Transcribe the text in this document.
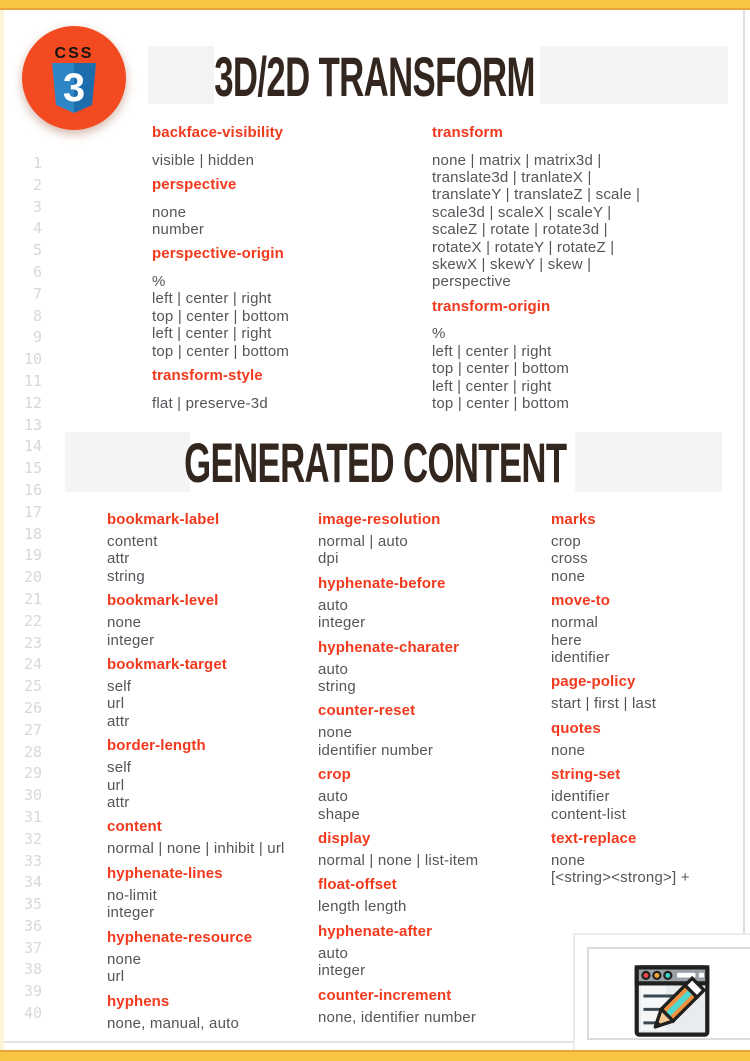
CSS
3
1
2
3
4
5
6
7
8
9
10
11
12
13
14
15
16
17
18
19
20
21
22
23
24
25
26
27
28
29
30
31
32
33
34
35
36
37
38
39
40
3D/2D TRANSFORM
backface-visibility
visible | hidden
perspective
none
number
perspective-origin
%
left | center | right
top | center | bottom
left | center | right
top | center | bottom
transform-style
flat | preserve-3d
transform
none | matrix | matrix3d |
translate3d | tranlateX |
translateY | translateZ | scale |
scale3d | scaleX | scaleY |
scaleZ | rotate | rotate3d |
rotateX | rotateY | rotateZ |
skewX | skewY | skew |
perspective
transform-origin
%
left | center | right
top | center | bottom
left | center | right
top | center | bottom
GENERATED CONTENT
bookmark-label
content
attr
string
bookmark-level
none
integer
bookmark-target
self
url
attr
border-length
self
url
attr
content
normal | none | inhibit | url
hyphenate-lines
no-limit
integer
hyphenate-resource
none
url
hyphens
none, manual, auto
image-resolution
normal | auto
dpi
hyphenate-before
auto
integer
hyphenate-charater
auto
string
counter-reset
none
identifier number
crop
auto
shape
display
normal | none | list-item
float-offset
length length
hyphenate-after
auto
integer
counter-increment
none, identifier number
marks
crop
cross
none
move-to
normal
here
identifier
page-policy
start | first | last
quotes
none
string-set
identifier
content-list
text-replace
none
[<string><strong>] +
